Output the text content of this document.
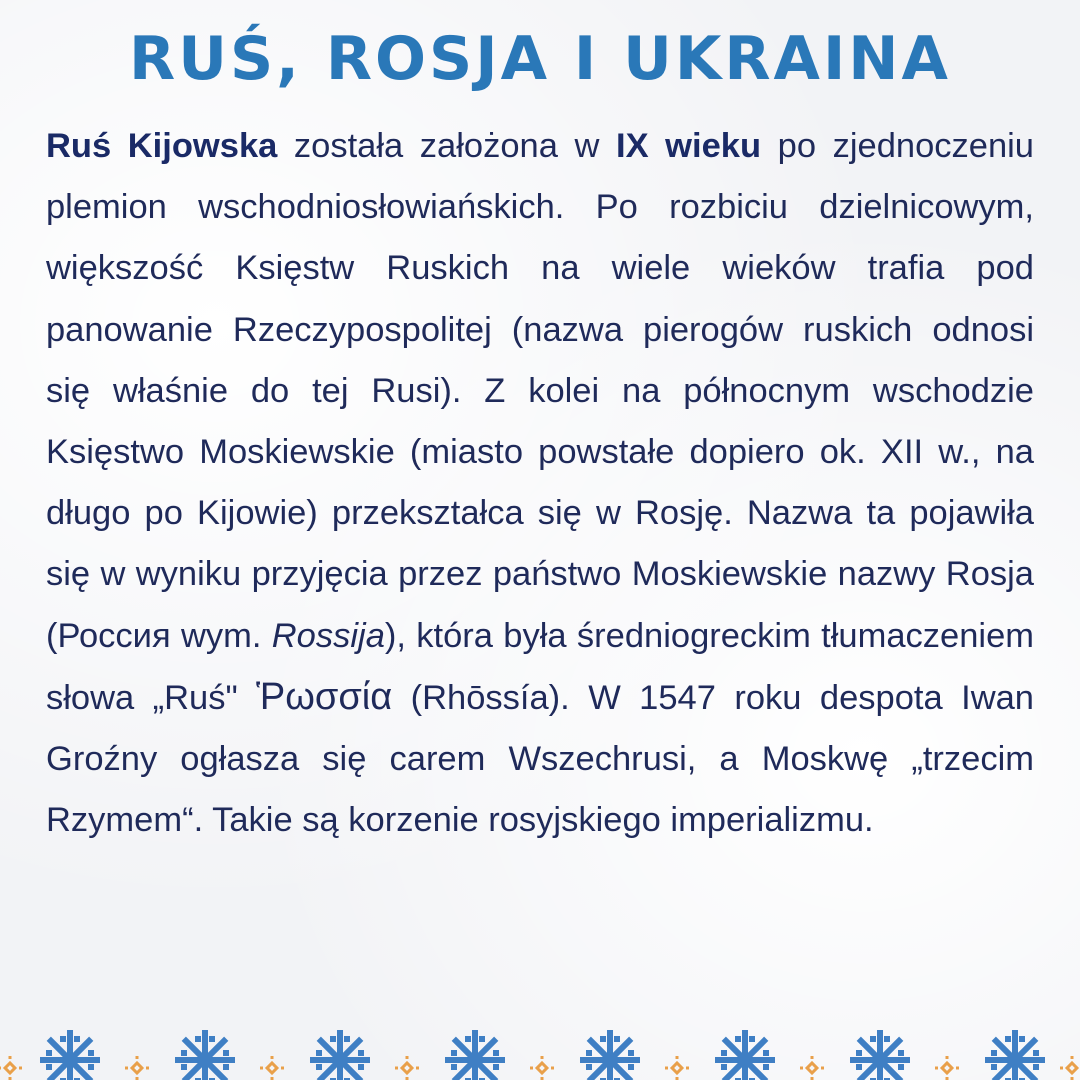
RUŚ, ROSJA I UKRAINA

Ruś Kijowska została założona w IX wieku po zjednoczeniu plemion wschodniosłowiańskich. Po rozbiciu dzielnicowym, większość Księstw Ruskich na wiele wieków trafia pod panowanie Rzeczypospolitej (nazwa pierogów ruskich odnosi się właśnie do tej Rusi). Z kolei na północnym wschodzie Księstwo Moskiewskie (miasto powstałe dopiero ok. XII w., na długo po Kijowie) przekształca się w Rosję. Nazwa ta pojawiła się w wyniku przyjęcia przez państwo Moskiewskie nazwy Rosja (Россия wym. Rossija), która była średniogreckim tłumaczeniem słowa „Ruś" Ῥωσσία (Rhōssía). W 1547 roku despota Iwan Groźny ogłasza się carem Wszechrusi, a Moskwę „trzecim Rzymem“. Takie są korzenie rosyjskiego imperializmu.
